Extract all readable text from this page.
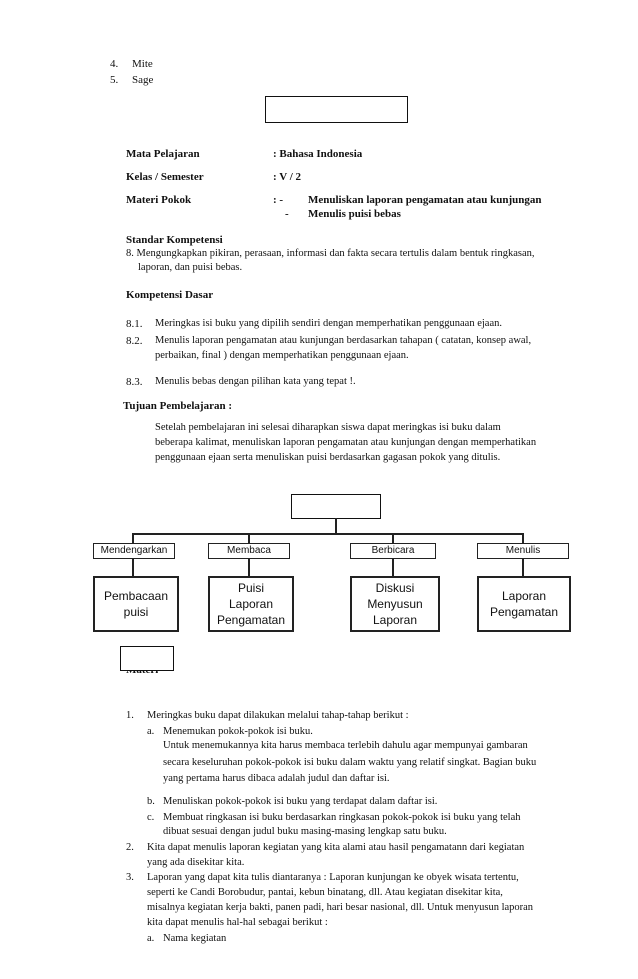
4. Mite
5. Sage
Mata Pelajaran	: Bahasa Indonesia
Kelas / Semester	: V / 2
Materi Pokok	: - Menuliskan laporan pengamatan atau kunjungan
- Menulis puisi bebas
Standar Kompetensi
8. Mengungkapkan pikiran, perasaan, informasi dan fakta secara tertulis dalam bentuk ringkasan,
laporan, dan puisi bebas.
Kompetensi Dasar
8.1. Meringkas isi buku yang dipilih sendiri dengan memperhatikan penggunaan ejaan.
8.2. Menulis laporan pengamatan atau kunjungan berdasarkan tahapan ( catatan, konsep awal,
perbaikan, final ) dengan memperhatikan penggunaan ejaan.
8.3. Menulis bebas dengan pilihan kata yang tepat !.
Tujuan Pembelajaran :
Setelah pembelajaran ini selesai diharapkan siswa dapat meringkas isi buku dalam
beberapa kalimat, menuliskan laporan pengamatan atau kunjungan dengan memperhatikan
penggunaan ejaan serta menuliskan puisi berdasarkan gagasan pokok yang ditulis.
Mendengarkan	Membaca	Berbicara	Menulis
Pembacaan
puisi
Puisi
Laporan
Pengamatan
Diskusi
Menyusun
Laporan
Laporan
Pengamatan
1. Meringkas buku dapat dilakukan melalui tahap-tahap berikut :
a. Menemukan pokok-pokok isi buku.
Untuk menemukannya kita harus membaca terlebih dahulu agar mempunyai gambaran
secara keseluruhan pokok-pokok isi buku dalam waktu yang relatif singkat. Bagian buku
yang pertama harus dibaca adalah judul dan daftar isi.
b. Menuliskan pokok-pokok isi buku yang terdapat dalam daftar isi.
c. Membuat ringkasan isi buku berdasarkan ringkasan pokok-pokok isi buku yang telah
dibuat sesuai dengan judul buku masing-masing lengkap satu buku.
2. Kita dapat menulis laporan kegiatan yang kita alami atau hasil pengamatann dari kegiatan
yang ada disekitar kita.
3. Laporan yang dapat kita tulis diantaranya : Laporan kunjungan ke obyek wisata tertentu,
seperti ke Candi Borobudur, pantai, kebun binatang, dll. Atau kegiatan disekitar kita,
misalnya kegiatan kerja bakti, panen padi, hari besar nasional, dll. Untuk menyusun laporan
kita dapat menulis hal-hal sebagai berikut :
a. Nama kegiatan
